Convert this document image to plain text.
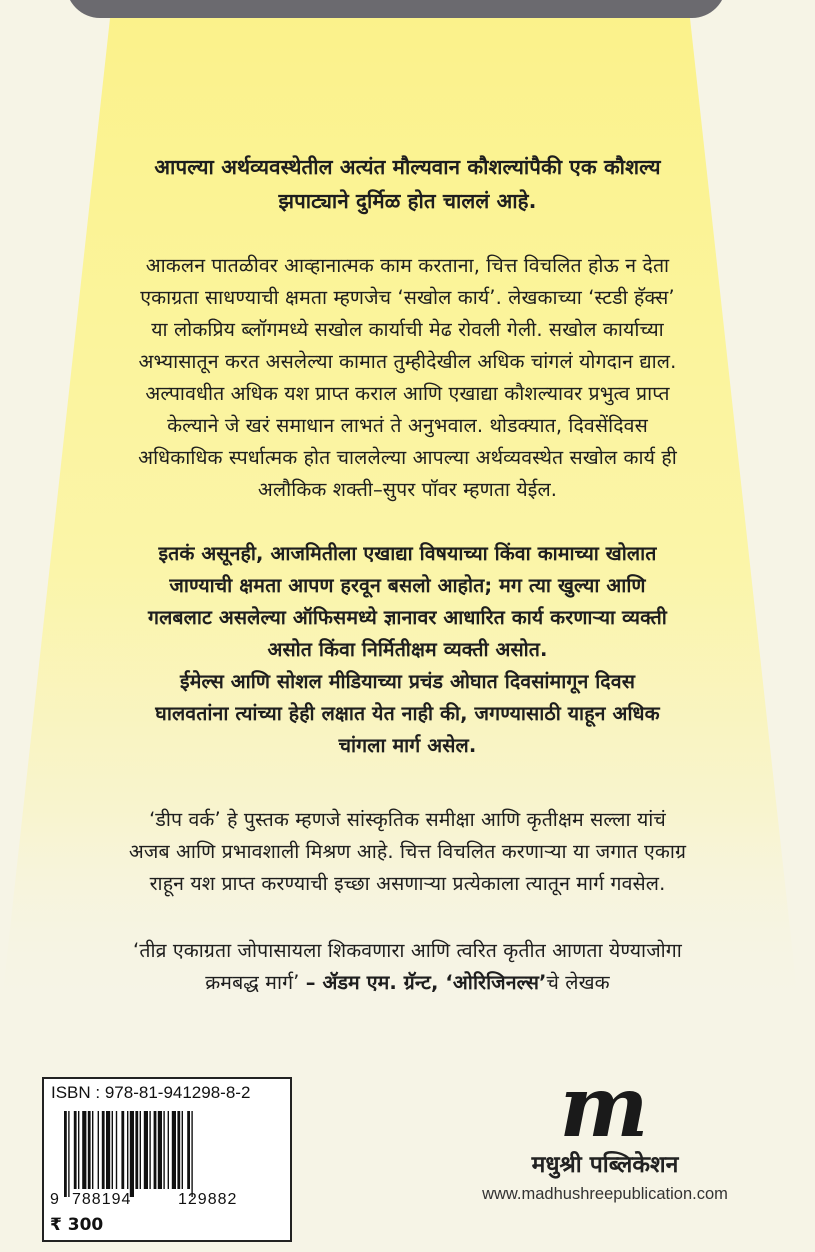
आपल्या अर्थव्यवस्थेतील अत्यंत मौल्यवान कौशल्यांपैकी एक कौशल्य
झपाट्याने दुर्मिळ होत चाललं आहे.
आकलन पातळीवर आव्हानात्मक काम करताना, चित्त विचलित होऊ न देता
एकाग्रता साधण्याची क्षमता म्हणजेच ‘सखोल कार्य’. लेखकाच्या ‘स्टडी हॅक्स’
या लोकप्रिय ब्लॉगमध्ये सखोल कार्याची मेढ रोवली गेली. सखोल कार्याच्या
अभ्यासातून करत असलेल्या कामात तुम्हीदेखील अधिक चांगलं योगदान द्याल.
अल्पावधीत अधिक यश प्राप्त कराल आणि एखाद्या कौशल्यावर प्रभुत्व प्राप्त
केल्याने जे खरं समाधान लाभतं ते अनुभवाल. थोडक्यात, दिवसेंदिवस
अधिकाधिक स्पर्धात्मक होत चाललेल्या आपल्या अर्थव्यवस्थेत सखोल कार्य ही
अलौकिक शक्ती–सुपर पॉवर म्हणता येईल.
इतकं असूनही, आजमितीला एखाद्या विषयाच्या किंवा कामाच्या खोलात
जाण्याची क्षमता आपण हरवून बसलो आहोत; मग त्या खुल्या आणि
गलबलाट असलेल्या ऑफिसमध्ये ज्ञानावर आधारित कार्य करणाऱ्या व्यक्ती
असोत किंवा निर्मितीक्षम व्यक्ती असोत.
ईमेल्स आणि सोशल मीडियाच्या प्रचंड ओघात दिवसांमागून दिवस
घालवतांना त्यांच्या हेही लक्षात येत नाही की, जगण्यासाठी याहून अधिक
चांगला मार्ग असेल.
‘डीप वर्क’ हे पुस्तक म्हणजे सांस्कृतिक समीक्षा आणि कृतीक्षम सल्ला यांचं
अजब आणि प्रभावशाली मिश्रण आहे. चित्त विचलित करणाऱ्या या जगात एकाग्र
राहून यश प्राप्त करण्याची इच्छा असणाऱ्या प्रत्येकाला त्यातून मार्ग गवसेल.
‘तीव्र एकाग्रता जोपासायला शिकवणारा आणि त्वरित कृतीत आणता येण्याजोगा
क्रमबद्ध मार्ग’ – ॲडम एम. ग्रॅन्ट, ‘ओरिजिनल्स’चे लेखक
ISBN : 978-81-941298-8-2
9 788194	129882
₹ 300
m
मधुश्री पब्लिकेशन
www.madhushreepublication.com
